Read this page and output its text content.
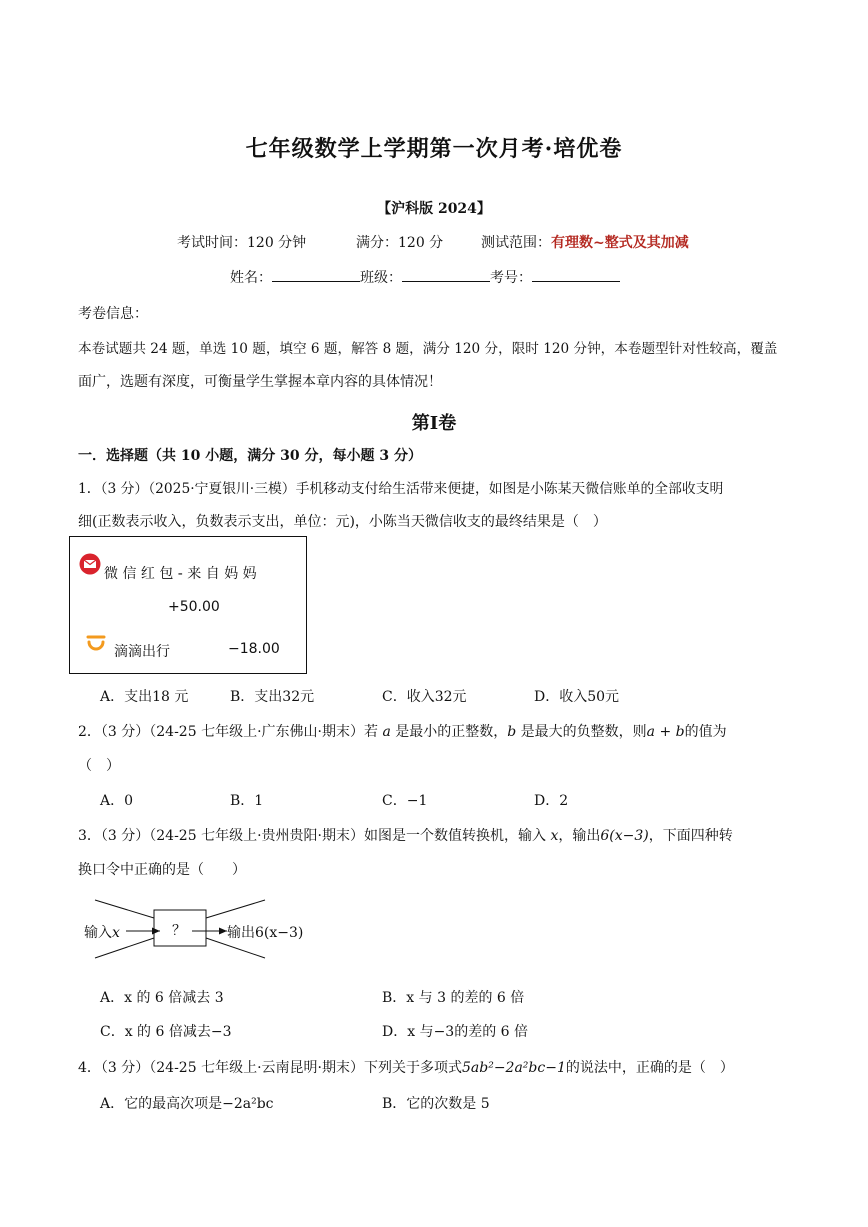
七年级数学上学期第一次月考·培优卷
【沪科版 2024】
考试时间：120 分钟	满分：120 分	测试范围：有理数~整式及其加减
姓名：	班级：	考号：
考卷信息：
本卷试题共 24 题，单选 10 题，填空 6 题，解答 8 题，满分 120 分，限时 120 分钟，本卷题型针对性较高，覆盖
面广，选题有深度，可衡量学生掌握本章内容的具体情况！
第Ⅰ卷
一．选择题（共 10 小题，满分 30 分，每小题 3 分）
1．（3 分）（2025·宁夏银川·三模）手机移动支付给生活带来便捷，如图是小陈某天微信账单的全部收支明
细(正数表示收入，负数表示支出，单位：元)，小陈当天微信收支的最终结果是（　）
微 信 红 包 - 来 自 妈 妈
+50.00
滴滴出行	−18.00
A．支出18 元	B．支出32元	C．收入32元	D．收入50元
2．（3 分）（24-25 七年级上·广东佛山·期末）若 a 是最小的正整数，b 是最大的负整数，则a + b的值为
（　）
A．0	B．1	C．−1	D．2
3．（3 分）（24-25 七年级上·贵州贵阳·期末）如图是一个数值转换机，输入 x，输出6(x−3)，下面四种转
换口令中正确的是（　　）
输入x	？	输出6(x−3)
A．x 的 6 倍减去 3	B．x 与 3 的差的 6 倍
C．x 的 6 倍减去−3	D．x 与−3的差的 6 倍
4．（3 分）（24-25 七年级上·云南昆明·期末）下列关于多项式5ab²−2a²bc−1的说法中，正确的是（　）
A．它的最高次项是−2a²bc	B．它的次数是 5
